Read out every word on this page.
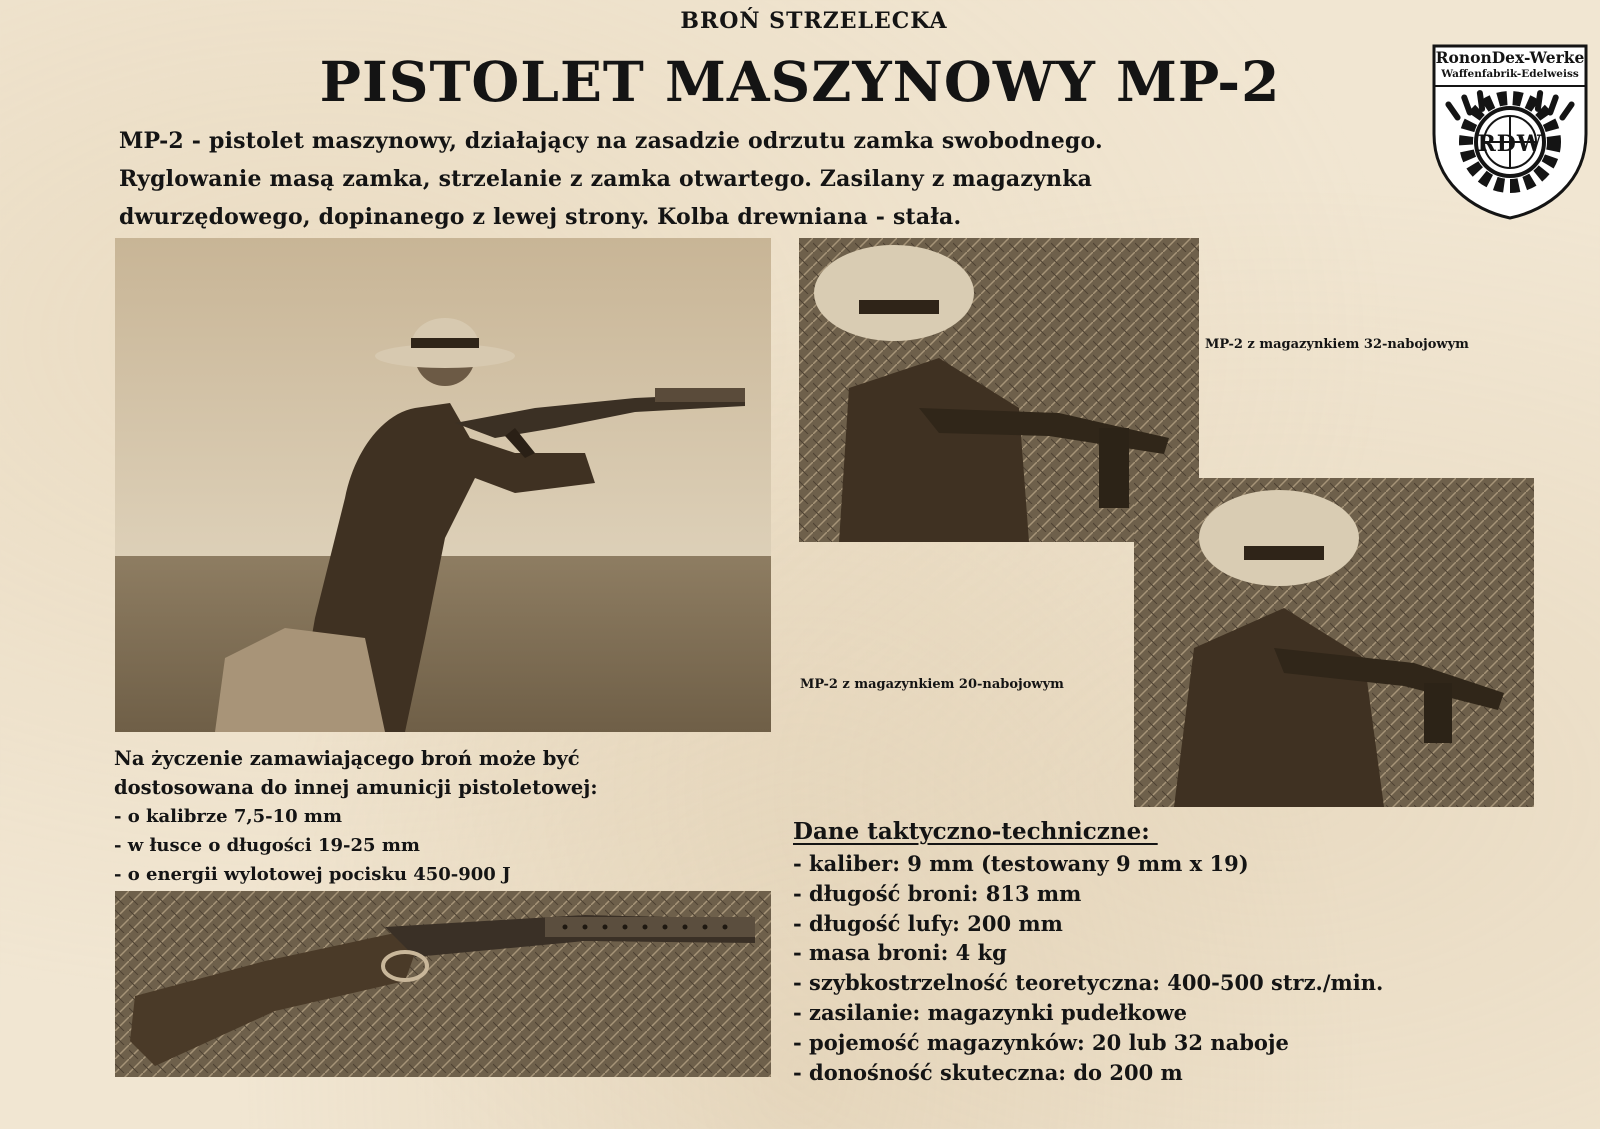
BROŃ STRZELECKA
PISTOLET MASZYNOWY MP-2	RononDex-Werke
Waffenfabrik-Edelweiss
RDW
MP-2 - pistolet maszynowy, działający na zasadzie odrzutu zamka swobodnego.
Ryglowanie masą zamka, strzelanie z zamka otwartego. Zasilany z magazynka
dwurzędowego, dopinanego z lewej strony. Kolba drewniana - stała.
MP-2 z magazynkiem 32-nabojowym
MP-2 z magazynkiem 20-nabojowym
Na życzenie zamawiającego broń może być
dostosowana do innej amunicji pistoletowej:
- o kalibrze 7,5-10 mm
- w łusce o długości 19-25 mm
- o energii wylotowej pocisku 450-900 J
Dane taktyczno-techniczne:
- kaliber: 9 mm (testowany 9 mm x 19)
- długość broni: 813 mm
- długość lufy: 200 mm
- masa broni: 4 kg
- szybkostrzelność teoretyczna: 400-500 strz./min.
- zasilanie: magazynki pudełkowe
- pojemość magazynków: 20 lub 32 naboje
- donośność skuteczna: do 200 m
